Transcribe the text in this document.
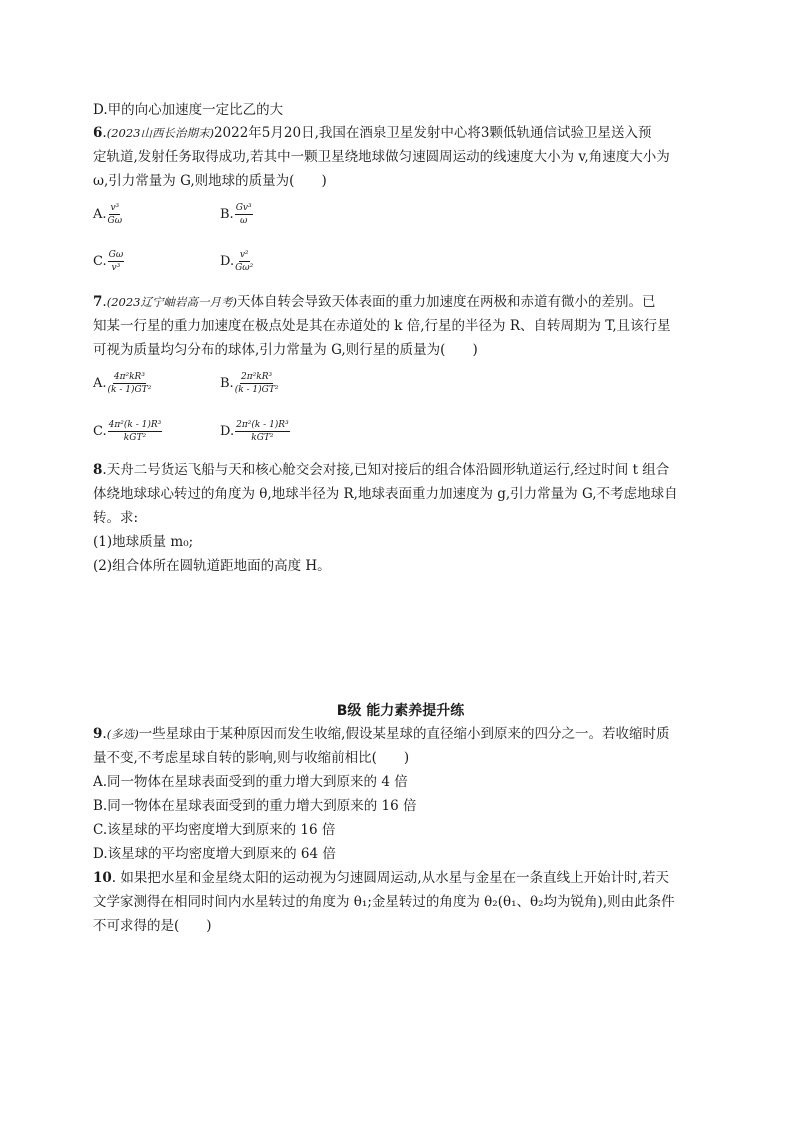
D.甲的向心加速度一定比乙的大
6.(2023山西长治期末)2022年5月20日,我国在酒泉卫星发射中心将3颗低轨通信试验卫星送入预
定轨道,发射任务取得成功,若其中一颗卫星绕地球做匀速圆周运动的线速度大小为 v,角速度大小为
ω,引力常量为 G,则地球的质量为(　　)
A. $\frac{\text{v³}}{G\omega}$	B. $\frac{\text{Gv³}}{\omega}$
C. $\frac{G\omega}{\text{v³}}$	D. $\frac{\text{v²}}{\text{Gω²}}$
7.(2023辽宁岫岩高一月考)天体自转会导致天体表面的重力加速度在两极和赤道有微小的差别。已
知某一行星的重力加速度在极点处是其在赤道处的 k 倍,行星的半径为 R、自转周期为 T,且该行星
可视为质量均匀分布的球体,引力常量为 G,则行星的质量为(　　)
A. $\frac{\text{4π²kR³}}{\text{(k - 1)GT²}}$	B. $\frac{\text{2π²kR³}}{\text{(k - 1)GT²}}$
C. $\frac{\text{4π²(k - 1)R³}}{\text{kGT²}}$	D. $\frac{\text{2π²(k - 1)R³}}{\text{kGT²}}$
8.天舟二号货运飞船与天和核心舱交会对接,已知对接后的组合体沿圆形轨道运行,经过时间 t 组合
体绕地球球心转过的角度为 θ,地球半径为 R,地球表面重力加速度为 g,引力常量为 G,不考虑地球自
转。求:
(1)地球质量 m₀;
(2)组合体所在圆轨道距地面的高度 H。
B级 能力素养提升练
9.(多选)一些星球由于某种原因而发生收缩,假设某星球的直径缩小到原来的四分之一。若收缩时质
量不变,不考虑星球自转的影响,则与收缩前相比(　　)
A.同一物体在星球表面受到的重力增大到原来的 4 倍
B.同一物体在星球表面受到的重力增大到原来的 16 倍
C.该星球的平均密度增大到原来的 16 倍
D.该星球的平均密度增大到原来的 64 倍
10. 如果把水星和金星绕太阳的运动视为匀速圆周运动,从水星与金星在一条直线上开始计时,若天
文学家测得在相同时间内水星转过的角度为 θ₁;金星转过的角度为 θ₂(θ₁、θ₂均为锐角),则由此条件
不可求得的是(　　)
